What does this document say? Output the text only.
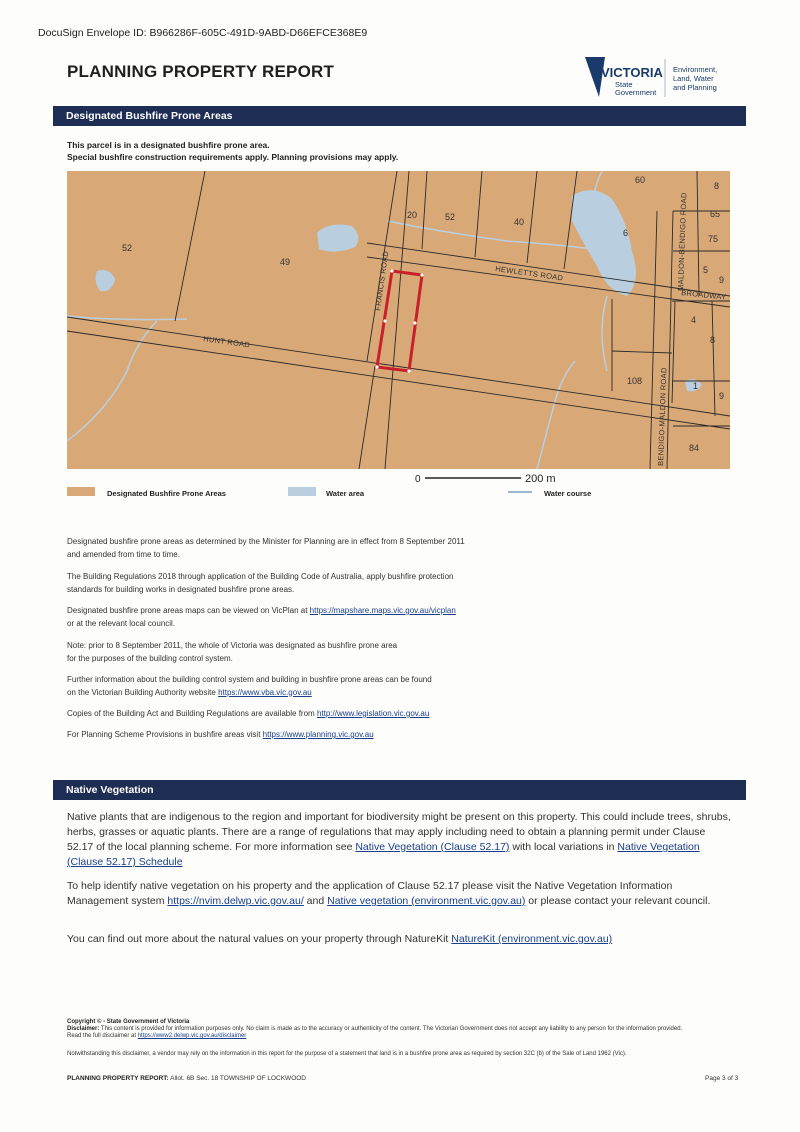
DocuSign Envelope ID: B966286F-605C-491D-9ABD-D66EFCE368E9
PLANNING PROPERTY REPORT	VICTORIA
State
Government
Environment,
Land, Water
and Planning
Designated Bushfire Prone Areas
This parcel is in a designated bushfire prone area.
Special bushfire construction requirements apply. Planning provisions may apply.
52
49
20	52	40
60
8
65
75
6
5
9
4
8
108	1
9
84
FRANCIS ROAD	HEWLETTS ROAD
HUNT ROAD
MALDON-BENDIGO ROAD
BENDIGO-MALDON ROAD
BROADWAY
0	200 m
Designated Bushfire Prone Areas	Water area	Water course
Designated bushfire prone areas as determined by the Minister for Planning are in effect from 8 September 2011
and amended from time to time.
The Building Regulations 2018 through application of the Building Code of Australia, apply bushfire protection
standards for building works in designated bushfire prone areas.
Designated bushfire prone areas maps can be viewed on VicPlan at https://mapshare.maps.vic.gov.au/vicplan
or at the relevant local council.
Note: prior to 8 September 2011, the whole of Victoria was designated as bushfire prone area
for the purposes of the building control system.
Further information about the building control system and building in bushfire prone areas can be found
on the Victorian Building Authority website https://www.vba.vic.gov.au
Copies of the Building Act and Building Regulations are available from http://www.legislation.vic.gov.au
For Planning Scheme Provisions in bushfire areas visit https://www.planning.vic.gov.au
Native Vegetation
Native plants that are indigenous to the region and important for biodiversity might be present on this property. This could include trees, shrubs, herbs, grasses or aquatic plants. There are a range of regulations that may apply including need to obtain a planning permit under Clause 52.17 of the local planning scheme. For more information see Native Vegetation (Clause 52.17) with local variations in Native Vegetation (Clause 52.17) Schedule
To help identify native vegetation on his property and the application of Clause 52.17 please visit the Native Vegetation Information Management system https://nvim.delwp.vic.gov.au/ and Native vegetation (environment.vic.gov.au) or please contact your relevant council.
You can find out more about the natural values on your property through NatureKit NatureKit (environment.vic.gov.au)
Copyright © - State Government of Victoria
Disclaimer: This content is provided for information purposes only. No claim is made as to the accuracy or authenticity of the content. The Victorian Government does not accept any liability to any person for the information provided.
Read the full disclaimer at https://www2.delwp.vic.gov.au/disclaimer
Notwithstanding this disclaimer, a vendor may rely on the information in this report for the purpose of a statement that land is in a bushfire prone area as required by section 32C (b) of the Sale of Land 1962 (Vic).
PLANNING PROPERTY REPORT: Allot. 6B Sec. 18 TOWNSHIP OF LOCKWOOD	Page 3 of 3
